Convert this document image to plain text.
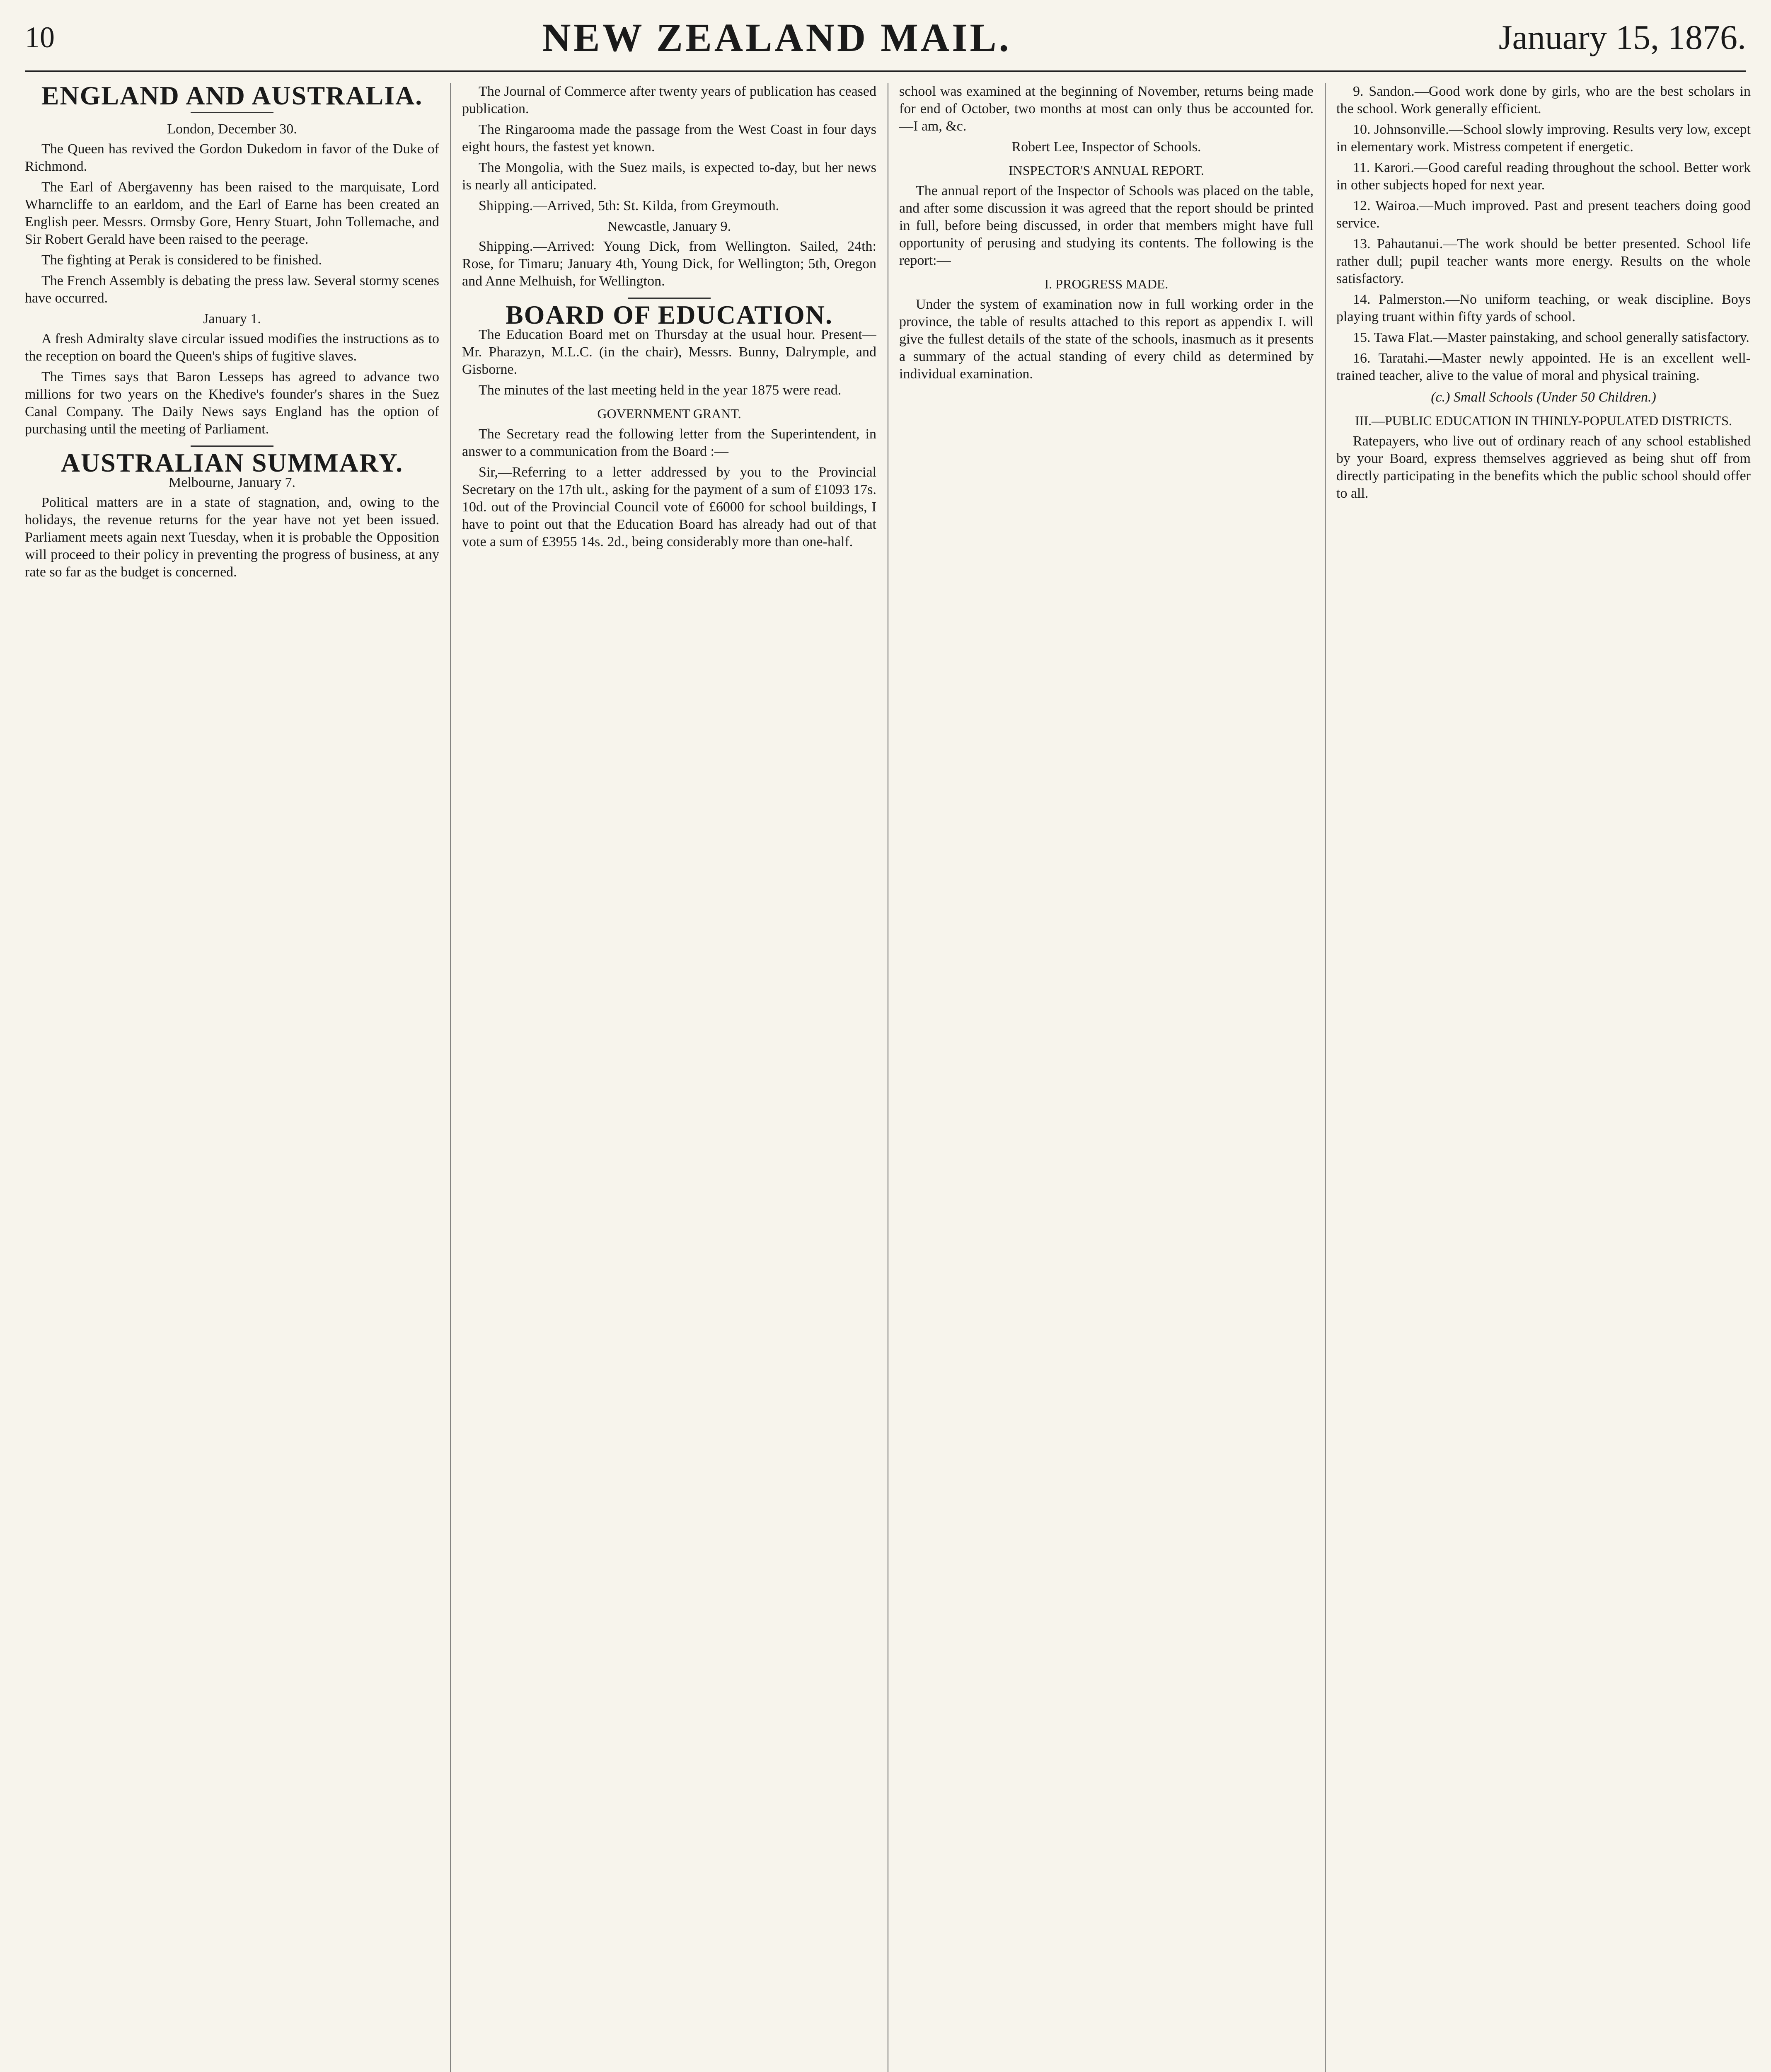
10	NEW ZEALAND MAIL.	January 15, 1876.
ENGLAND AND AUSTRALIA.
London, December 30.

The Queen has revived the Gordon Dukedom in favor of the Duke of Richmond.

The Earl of Abergavenny has been raised to the marquisate, Lord Wharncliffe to an earldom, and the Earl of Earne has been created an English peer. Messrs. Ormsby Gore, Henry Stuart, John Tollemache, and Sir Robert Gerald have been raised to the peerage.

The fighting at Perak is considered to be finished.

The French Assembly is debating the press law. Several stormy scenes have occurred.

January 1.

A fresh Admiralty slave circular issued modifies the instructions as to the reception on board the Queen's ships of fugitive slaves.

The Times says that Baron Lesseps has agreed to advance two millions for two years on the Khedive's founder's shares in the Suez Canal Company. The Daily News says England has the option of purchasing until the meeting of Parliament.

AUSTRALIAN SUMMARY.
Melbourne, January 7.

Political matters are in a state of stagnation, and, owing to the holidays, the revenue returns for the year have not yet been issued. Parliament meets again next Tuesday, when it is probable the Opposition will proceed to their policy in preventing the progress of business, at any rate so far as the budget is concerned.

The Journal of Commerce after twenty years of publication has ceased publication.

The Ringarooma made the passage from the West Coast in four days eight hours, the fastest yet known.

The Mongolia, with the Suez mails, is expected to-day, but her news is nearly all anticipated.

Shipping.—Arrived, 5th: St. Kilda, from Greymouth.

Newcastle, January 9.

Shipping.—Arrived: Young Dick, from Wellington. Sailed, 24th: Rose, for Timaru; January 4th, Young Dick, for Wellington; 5th, Oregon and Anne Melhuish, for Wellington.

BOARD OF EDUCATION.

The Education Board met on Thursday at the usual hour. Present—Mr. Pharazyn, M.L.C. (in the chair), Messrs. Bunny, Dalrymple, and Gisborne.

The minutes of the last meeting held in the year 1875 were read.

GOVERNMENT GRANT.

The Secretary read the following letter from the Superintendent, in answer to a communication from the Board :—

Sir,—Referring to a letter addressed by you to the Provincial Secretary on the 17th ult., asking for the payment of a sum of £1093 17s. 10d. out of the Provincial Council vote of £6000 for school buildings, I have to point out that the Education Board has already had out of that vote a sum of £3955 14s. 2d., being considerably more than one-half.

school was examined at the beginning of November, returns being made for end of October, two months at most can only thus be accounted for.—I am, &c.

Robert Lee, Inspector of Schools.
INSPECTOR'S ANNUAL REPORT.

The annual report of the Inspector of Schools was placed on the table, and after some discussion it was agreed that the report should be printed in full, before being discussed, in order that members might have full opportunity of perusing and studying its contents. The following is the report:—

I. PROGRESS MADE.

Under the system of examination now in full working order in the province, the table of results attached to this report as appendix I. will give the fullest details of the state of the schools, inasmuch as it presents a summary of the actual standing of every child as determined by individual examination.

9. Sandon.—Good work done by girls, who are the best scholars in the school. Work generally efficient.

10. Johnsonville.—School slowly improving. Results very low, except in elementary work. Mistress competent if energetic.

11. Karori.—Good careful reading throughout the school. Better work in other subjects hoped for next year.

12. Wairoa.—Much improved. Past and present teachers doing good service.

13. Pahautanui.—The work should be better presented. School life rather dull; pupil teacher wants more energy. Results on the whole satisfactory.

14. Palmerston.—No uniform teaching, or weak discipline. Boys playing truant within fifty yards of school.

15. Tawa Flat.—Master painstaking, and school generally satisfactory.

16. Taratahi.—Master newly appointed. He is an excellent well-trained teacher, alive to the value of moral and physical training.

(c.) Small Schools (Under 50 Children.)
III.—PUBLIC EDUCATION IN THINLY-POPULATED DISTRICTS.

Ratepayers, who live out of ordinary reach of any school established by your Board, express themselves aggrieved as being shut off from directly participating in the benefits which the public school should offer to all.
